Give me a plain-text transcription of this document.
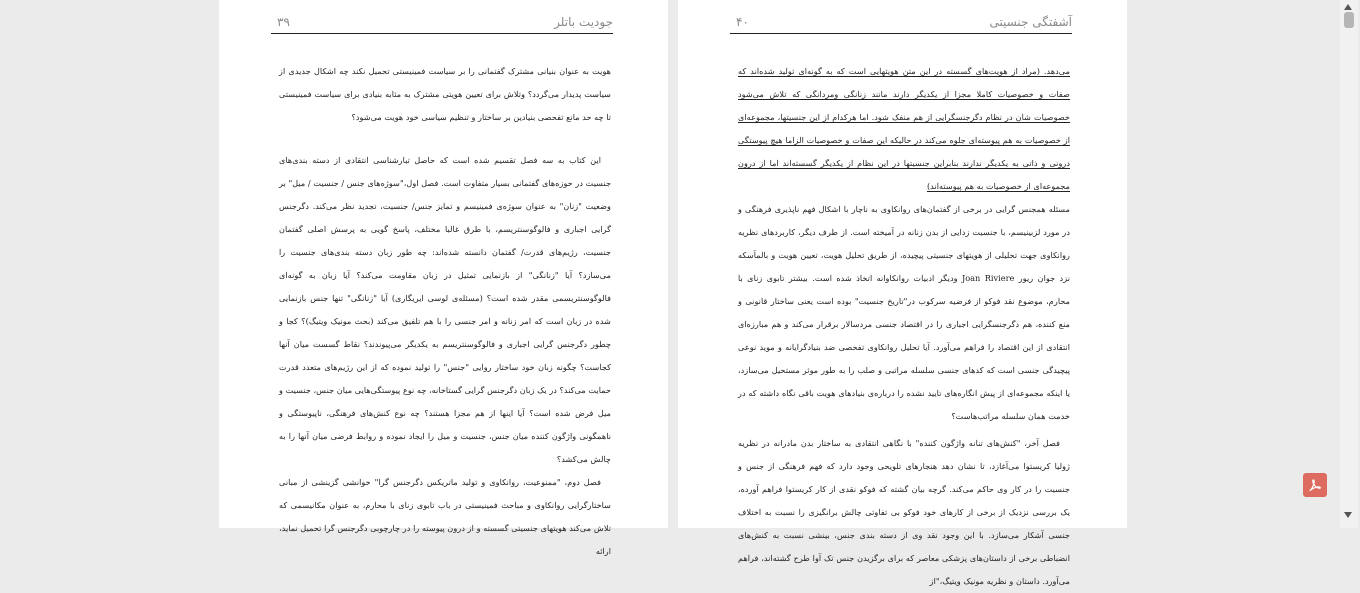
جودیت باتلر
۳۹

هویت به عنوان بنیانی مشترک گفتمانی را بر سیاست فمینیستی تحمیل نکند چه اشکال جدیدی از سیاست پدیدار می‌گردد؟ وتلاش برای تعیین هویتی مشترک به مثابه بنیادی برای سیاست فمینیستی تا چه حد مانع تفحصی بنیادین بر ساختار و تنظیم سیاسی خود هویت می‌شود؟

این کتاب به سه فصل تقسیم شده است که حاصل تبارشناسی انتقادی از دسته بندی‌های جنسیت در حوزه‌های گفتمانی بسیار متفاوت است. فصل اول،"سوژه‌های جنس / جنسیت / میل" بر وضعیت "زنان" به عنوان سوژه‌ی فمینیسم و تمایز جنس/ جنسیت، تجدید نظر می‌کند. دگرجنس گرایی اجباری و فالوگوسنتریسم، با طرق غالبا مختلف، پاسخ گویی به پرسش اصلی گفتمان جنسیت، رژیم‌های قدرت/ گفتمان دانسته شده‌اند: چه طور زبان دسته بندی‌های جنسیت را می‌سازد؟ آیا "زنانگی" از بازنمایی تمثیل در زبان مقاومت می‌کند؟ آیا زبان به گونه‌ای فالوگوسنتریسمی مقدر شده است؟ (مسئله‌ی لوسی ایریگاری) آیا "زنانگی" تنها جنس بازنمایی شده در زبان است که امر زنانه و امر جنسی را با هم تلفیق می‌کند (بحث مونیک ویتیگ)؟ کجا و چطور دگرجنس گرایی اجباری و فالوگوسنتریسم به یکدیگر می‌پیوندند؟ نقاط گسست میان آنها کجاست؟ چگونه زبان خود ساختار روایی "جنس" را تولید نموده که از این رژیم‌های متعدد قدرت حمایت می‌کند؟ در یک زبان دگرجنس گرایی گستاخانه، چه نوع پیوستگی‌هایی میان جنس، جنسیت و میل فرض شده است؟ آیا اینها از هم مجزا هستند؟ چه نوع کنش‌های فرهنگی، ناپیوستگی و ناهمگونی واژگون کننده میان جنس، جنسیت و میل را ایجاد نموده و روابط فرضی میان آنها را به چالش می‌کشد؟

فصل دوم، "ممنوعیت، روانکاوی و تولید ماتریکس دگرجنس گرا" خوانشی گزینشی از مبانی ساختارگرایی روانکاوی و مباحث فمینیستی در باب تابوی زنای با محارم، به عنوان مکانیسمی که تلاش می‌کند هویتهای جنسیتی گسسته و از درون پیوسته را در چارچوبی دگرجنس گرا تحمیل نماید، ارائه

آشفتگی جنسیتی
۴۰

می‌دهد. (مراد از هویت‌های گسسته در این متن هویتهایی است که به گونه‌ای تولید شده‌اند که صفات و خصوصیات کاملا مجزا از یکدیگر دارند مانند زنانگی ومردانگی که تلاش می‌شود خصوصیات شان در نظام دگرجنسگرایی از هم منفک شود. اما هرکدام از این جنسیتها، مجموعه‌ای از خصوصیات به هم پیوسته‌ای جلوه می‌کند در حالیکه این صفات و خصوصیات الزاما هیچ پیوستگی درونی و ذاتی به یکدیگر ندارند بنابراین جنسیتها در این نظام از یکدیگر گسسته‌اند اما از درون مجموعه‌ای از خصوصیات به هم پیوسته‌اند)

مسئله همجنس گرایی در برخی از گفتمان‌های روانکاوی به ناچار با اشکال فهم ناپذیری فرهنگی و در مورد لزبینیسم، با جنسیت زدایی از بدن زنانه در آمیخته است. از طرف دیگر، کاربردهای نظریه روانکاوی جهت تحلیلی از هویتهای جنسیتی پیچیده، از طریق تحلیل هویت، تعیین هویت و بالمآسکه نزد جوان ریور Joan Riviere ودیگر ادبیات روانکاوانه اتخاذ شده است. بیشتر تابوی زنای با محارم، موضوع نقد فوکو از فرضیه سرکوب در"تاریخ جنسیت" بوده است یعنی ساختار قانونی و منع کننده، هم دگرجنسگرایی اجباری را در اقتصاد جنسی مردسالار برقرار می‌کند و هم مبارزه‌ای انتقادی از این اقتصاد را فراهم می‌آورد. آیا تحلیل روانکاوی تفحصی ضد بنیادگرایانه و موید نوعی پیچیدگی جنسی است که کدهای جنسی سلسله مراتبی و صلب را به طور موثر مستحیل می‌سازد، یا اینکه مجموعه‌ای از پیش انگاره‌های تایید نشده را درباره‌ی بنیادهای هویت باقی نگاه داشته که در خدمت همان سلسله مراتب‌هاست؟

فصل آخر، "کنش‌های تنانه واژگون کننده" با نگاهی انتقادی به ساختار بدن مادرانه در نظریه ژولیا کریستوا می‌آغازد، تا نشان دهد هنجارهای تلویحی وجود دارد که فهم فرهنگی از جنس و جنسیت را در کار وی حاکم می‌کند. گرچه بیان گشته که فوکو نقدی از کار کریستوا فراهم آورده، یک بررسی نزدیک از برخی از کارهای خود فوکو بی تفاوتی چالش برانگیزی را نسبت به اختلاف جنسی آشکار می‌سازد. با این وجود نقد وی از دسته بندی جنس، بینشی نسبت به کنش‌های انضباطی برخی از داستان‌های پزشکی معاصر که برای برگزیدن جنس تک آوا طرح گشته‌اند، فراهم می‌آورد. داستان و نظریه مونیک ویتیگ،"از
